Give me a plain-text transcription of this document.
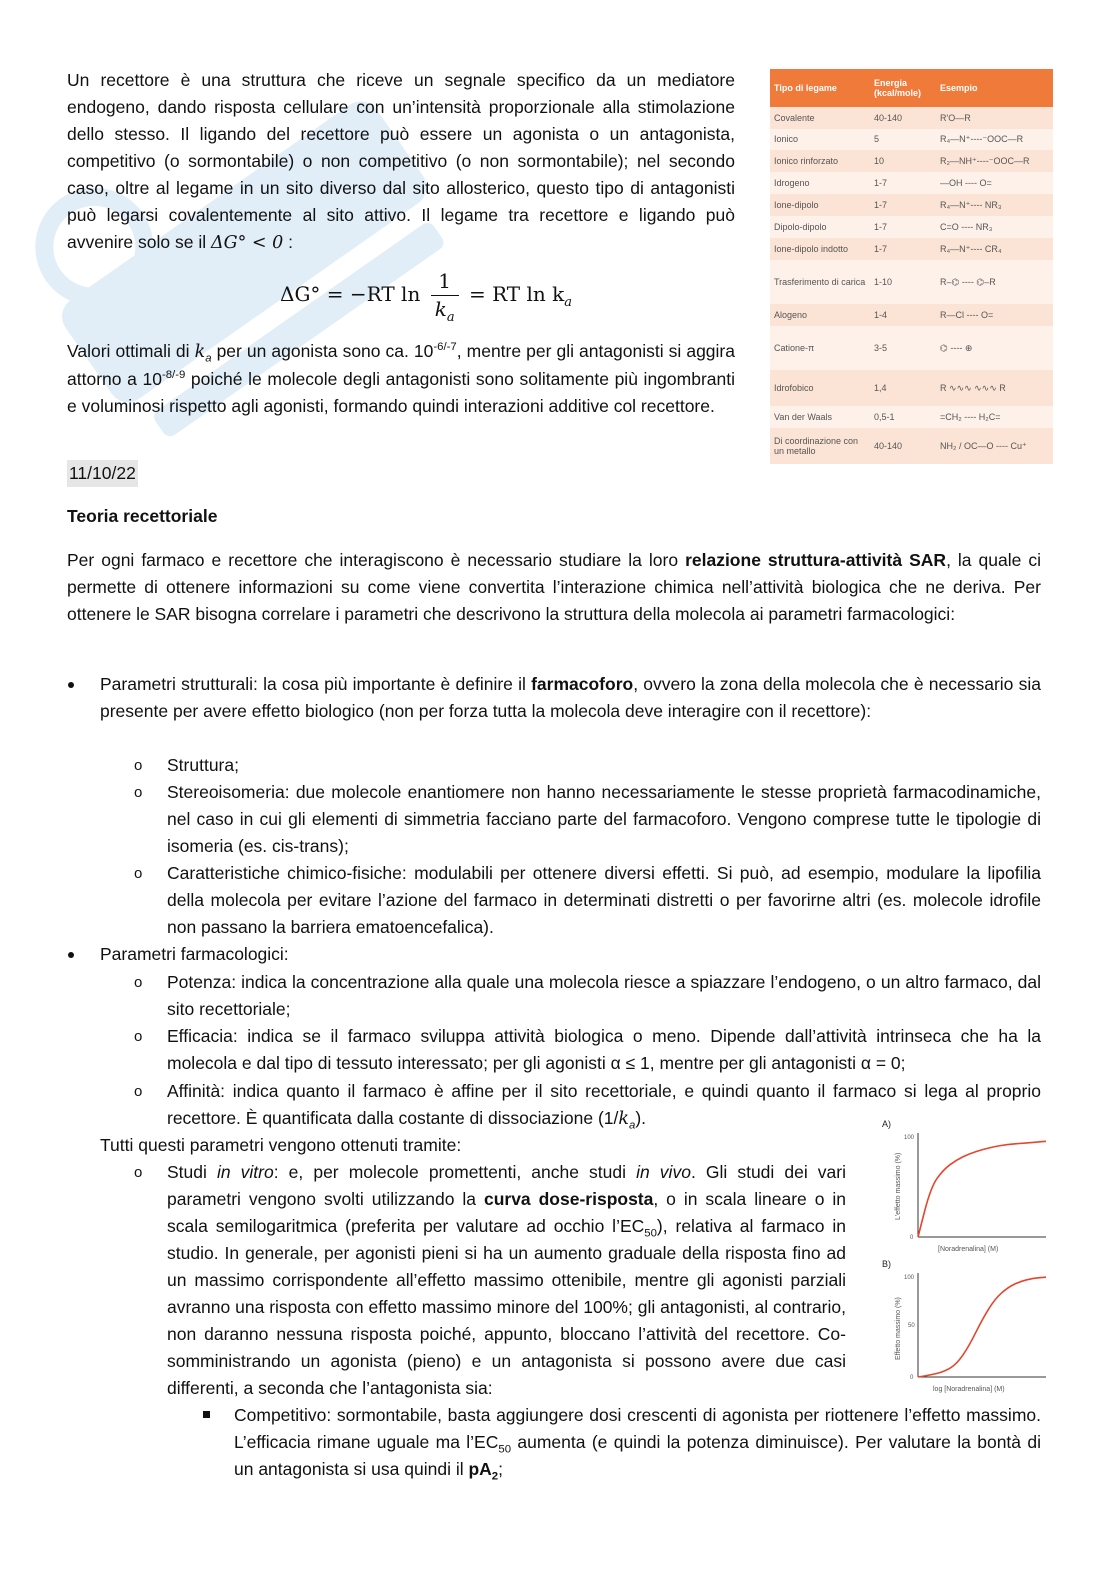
Un recettore è una struttura che riceve un segnale specifico da un mediatore endogeno, dando risposta cellulare con un’intensità proporzionale alla stimolazione dello stesso. Il ligando del recettore può essere un agonista o un antagonista, competitivo (o sormontabile) o non competitivo (o non sormontabile); nel secondo caso, oltre al legame in un sito diverso dal sito allosterico, questo tipo di antagonisti può legarsi covalentemente al sito attivo. Il legame tra recettore e ligando può avvenire solo se il ΔG° < 0 :

ΔG° = −RT $\ln \frac{1}{k_a}$ = RT $\ln k_a$

Valori ottimali di $k_a$ per un agonista sono ca. $10^{-6/-7}$, mentre per gli antagonisti si aggira attorno a $10^{-8/-9}$ poiché le molecole degli antagonisti sono solitamente più ingombranti e voluminosi rispetto agli agonisti, formando quindi interazioni additive col recettore.

Tipo di legame	Energia (kcal/mole)	Esempio
Covalente	40-140	R'O—R
Ionico	5	R₄—N⁺----⁻OOC—R
Ionico rinforzato	10	R₂—NH⁺----⁻OOC—R
Idrogeno	1-7	—OH ---- O=
Ione-dipolo	1-7	R₄—N⁺---- NR₃
Dipolo-dipolo	1-7	C=O ---- NR₃
Ione-dipolo indotto	1-7	R₄—N⁺---- CR₄
Trasferimento di carica	1-10	R–⌬ ---- ⌬–R
Alogeno	1-4	R—Cl ---- O=
Catione-π	3-5	⌬ ---- ⊕
Idrofobico	1,4	R ∿∿∿ ∿∿∿ R
Van der Waals	0,5-1	=CH₂ ---- H₂C=
Di coordinazione con un metallo	40-140	NH₂ / OC—O ---- Cu⁺
11/10/22
Teoria recettoriale

Per ogni farmaco e recettore che interagiscono è necessario studiare la loro relazione struttura-attività SAR, la quale ci permette di ottenere informazioni su come viene convertita l’interazione chimica nell’attività biologica che ne deriva. Per ottenere le SAR bisogna correlare i parametri che descrivono la struttura della molecola ai parametri farmacologici:

Parametri strutturali: la cosa più importante è definire il farmacoforo, ovvero la zona della molecola che è necessario sia presente per avere effetto biologico (non per forza tutta la molecola deve interagire con il recettore):

o Struttura;

o Stereoisomeria: due molecole enantiomere non hanno necessariamente le stesse proprietà farmacodinamiche, nel caso in cui gli elementi di simmetria facciano parte del farmacoforo. Vengono comprese tutte le tipologie di isomeria (es. cis-trans);

o Caratteristiche chimico-fisiche: modulabili per ottenere diversi effetti. Si può, ad esempio, modulare la lipofilia della molecola per evitare l’azione del farmaco in determinati distretti o per favorirne altri (es. molecole idrofile non passano la barriera ematoencefalica).

Parametri farmacologici:

o Potenza: indica la concentrazione alla quale una molecola riesce a spiazzare l’endogeno, o un altro farmaco, dal sito recettoriale;

o Efficacia: indica se il farmaco sviluppa attività biologica o meno. Dipende dall’attività intrinseca che ha la molecola e dal tipo di tessuto interessato; per gli agonisti α ≤ 1, mentre per gli antagonisti α = 0;

o Affinità: indica quanto il farmaco è affine per il sito recettoriale, e quindi quanto il farmaco si lega al proprio recettore. È quantificata dalla costante di dissociazione $(1/k_a)$.

Tutti questi parametri vengono ottenuti tramite:

o Studi in vitro: e, per molecole promettenti, anche studi in vivo. Gli studi dei vari parametri vengono svolti utilizzando la curva dose-risposta, o in scala lineare o in scala semilogaritmica (preferita per valutare ad occhio $l’EC_{50}$), relativa al farmaco in studio. In generale, per agonisti pieni si ha un aumento graduale della risposta fino ad un massimo corrispondente all’effetto massimo ottenibile, mentre gli agonisti parziali avranno una risposta con effetto massimo minore del 100%; gli antagonisti, al contrario, non daranno nessuna risposta poiché, appunto, bloccano l’attività del recettore. Co-somministrando un agonista (pieno) e un antagonista si possono avere due casi differenti, a seconda che l’antagonista sia:

Competitivo: sormontabile, basta aggiungere dosi crescenti di agonista per riottenere l’effetto massimo. L’efficacia rimane uguale ma $l’EC_{50}$ aumenta (e quindi la potenza diminuisce). Per valutare la bontà di un antagonista si usa quindi il $pA_2$;

A)
L'effetto massimo (%)
100
0
[Noradrenalina] (M)
B)
Effetto massimo (%)
100
50
0
log [Noradrenalina] (M)
